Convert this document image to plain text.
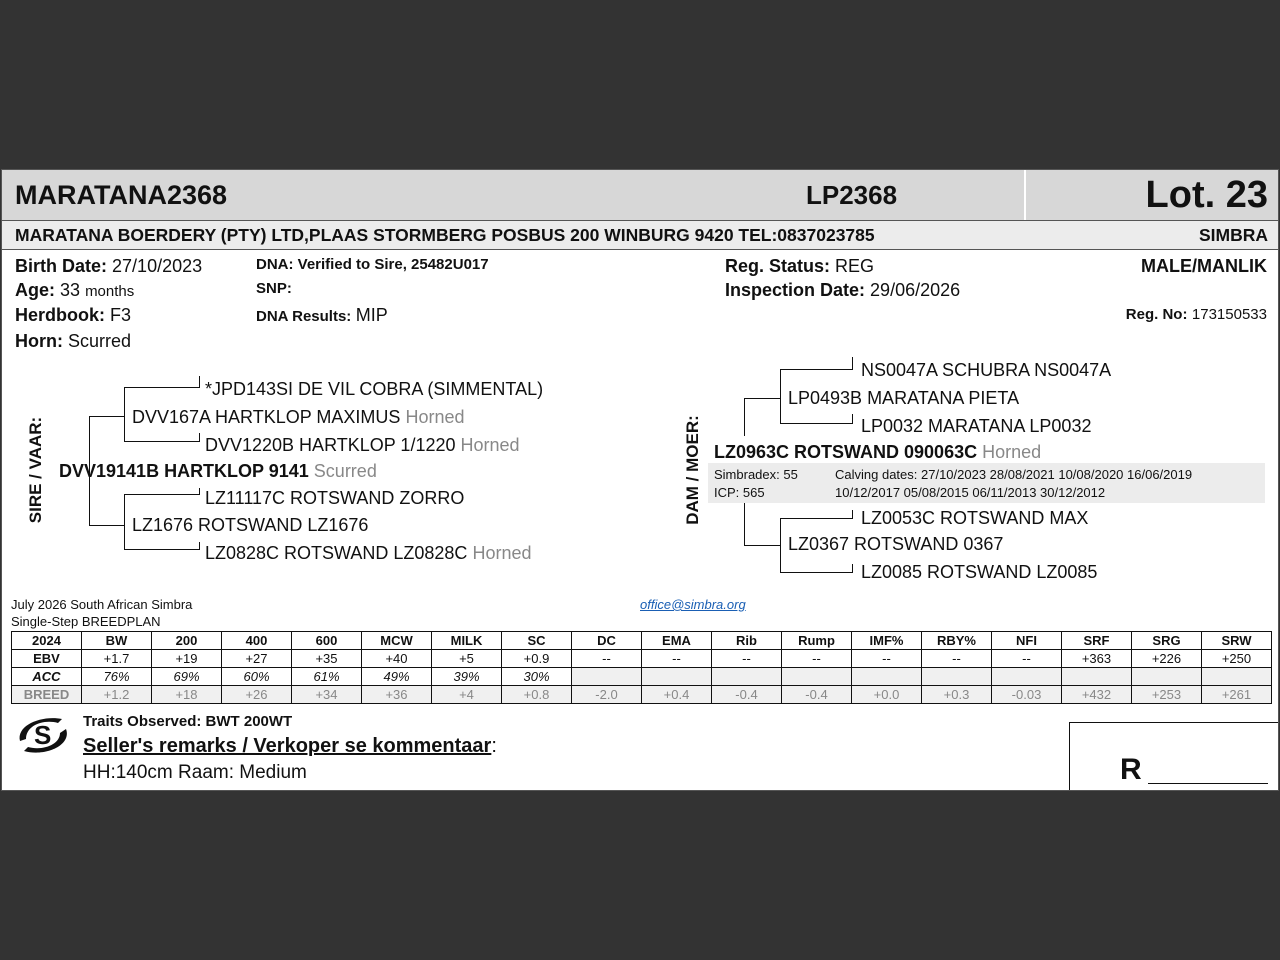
MARATANA2368	LP2368	Lot. 23
MARATANA BOERDERY (PTY) LTD,PLAAS STORMBERG POSBUS 200 WINBURG 9420 TEL:0837023785	SIMBRA
Birth Date: 27/10/2023
Age: 33 months
Herdbook: F3
Horn: Scurred
DNA: Verified to Sire, 25482U017
SNP:
DNA Results: MIP
Reg. Status: REG
Inspection Date: 29/06/2026
MALE/MANLIK
Reg. No: 173150533
SIRE / VAAR:
*JPD143SI DE VIL COBRA (SIMMENTAL)
DVV167A HARTKLOP MAXIMUS Horned
DVV1220B HARTKLOP 1/1220 Horned
DVV19141B HARTKLOP 9141 Scurred
LZ11117C ROTSWAND ZORRO
LZ1676 ROTSWAND LZ1676
LZ0828C ROTSWAND LZ0828C Horned
DAM / MOER:
NS0047A SCHUBRA NS0047A
LP0493B MARATANA PIETA
LP0032 MARATANA LP0032
LZ0963C ROTSWAND 090063C Horned
Simbradex: 55
ICP: 565
Calving dates: 27/10/2023 28/08/2021 10/08/2020 16/06/2019
10/12/2017 05/08/2015 06/11/2013 30/12/2012
LZ0053C ROTSWAND MAX
LZ0367 ROTSWAND 0367
LZ0085 ROTSWAND LZ0085
July 2026 South African Simbra
Single-Step BREEDPLAN
office@simbra.org
2024	BW	200	400	600	MCW	MILK	SC	DC	EMA	Rib	Rump	IMF%	RBY%	NFI	SRF	SRG	SRW
EBV	+1.7	+19	+27	+35	+40	+5	+0.9	--	--	--	--	--	--	--	+363	+226	+250
ACC	76%	69%	60%	61%	49%	39%	30%										
BREED	+1.2	+18	+26	+34	+36	+4	+0.8	-2.0	+0.4	-0.4	-0.4	+0.0	+0.3	-0.03	+432	+253	+261
S Traits Observed: BWT 200WT
Seller's remarks / Verkoper se kommentaar:
HH:140cm Raam: Medium	R
